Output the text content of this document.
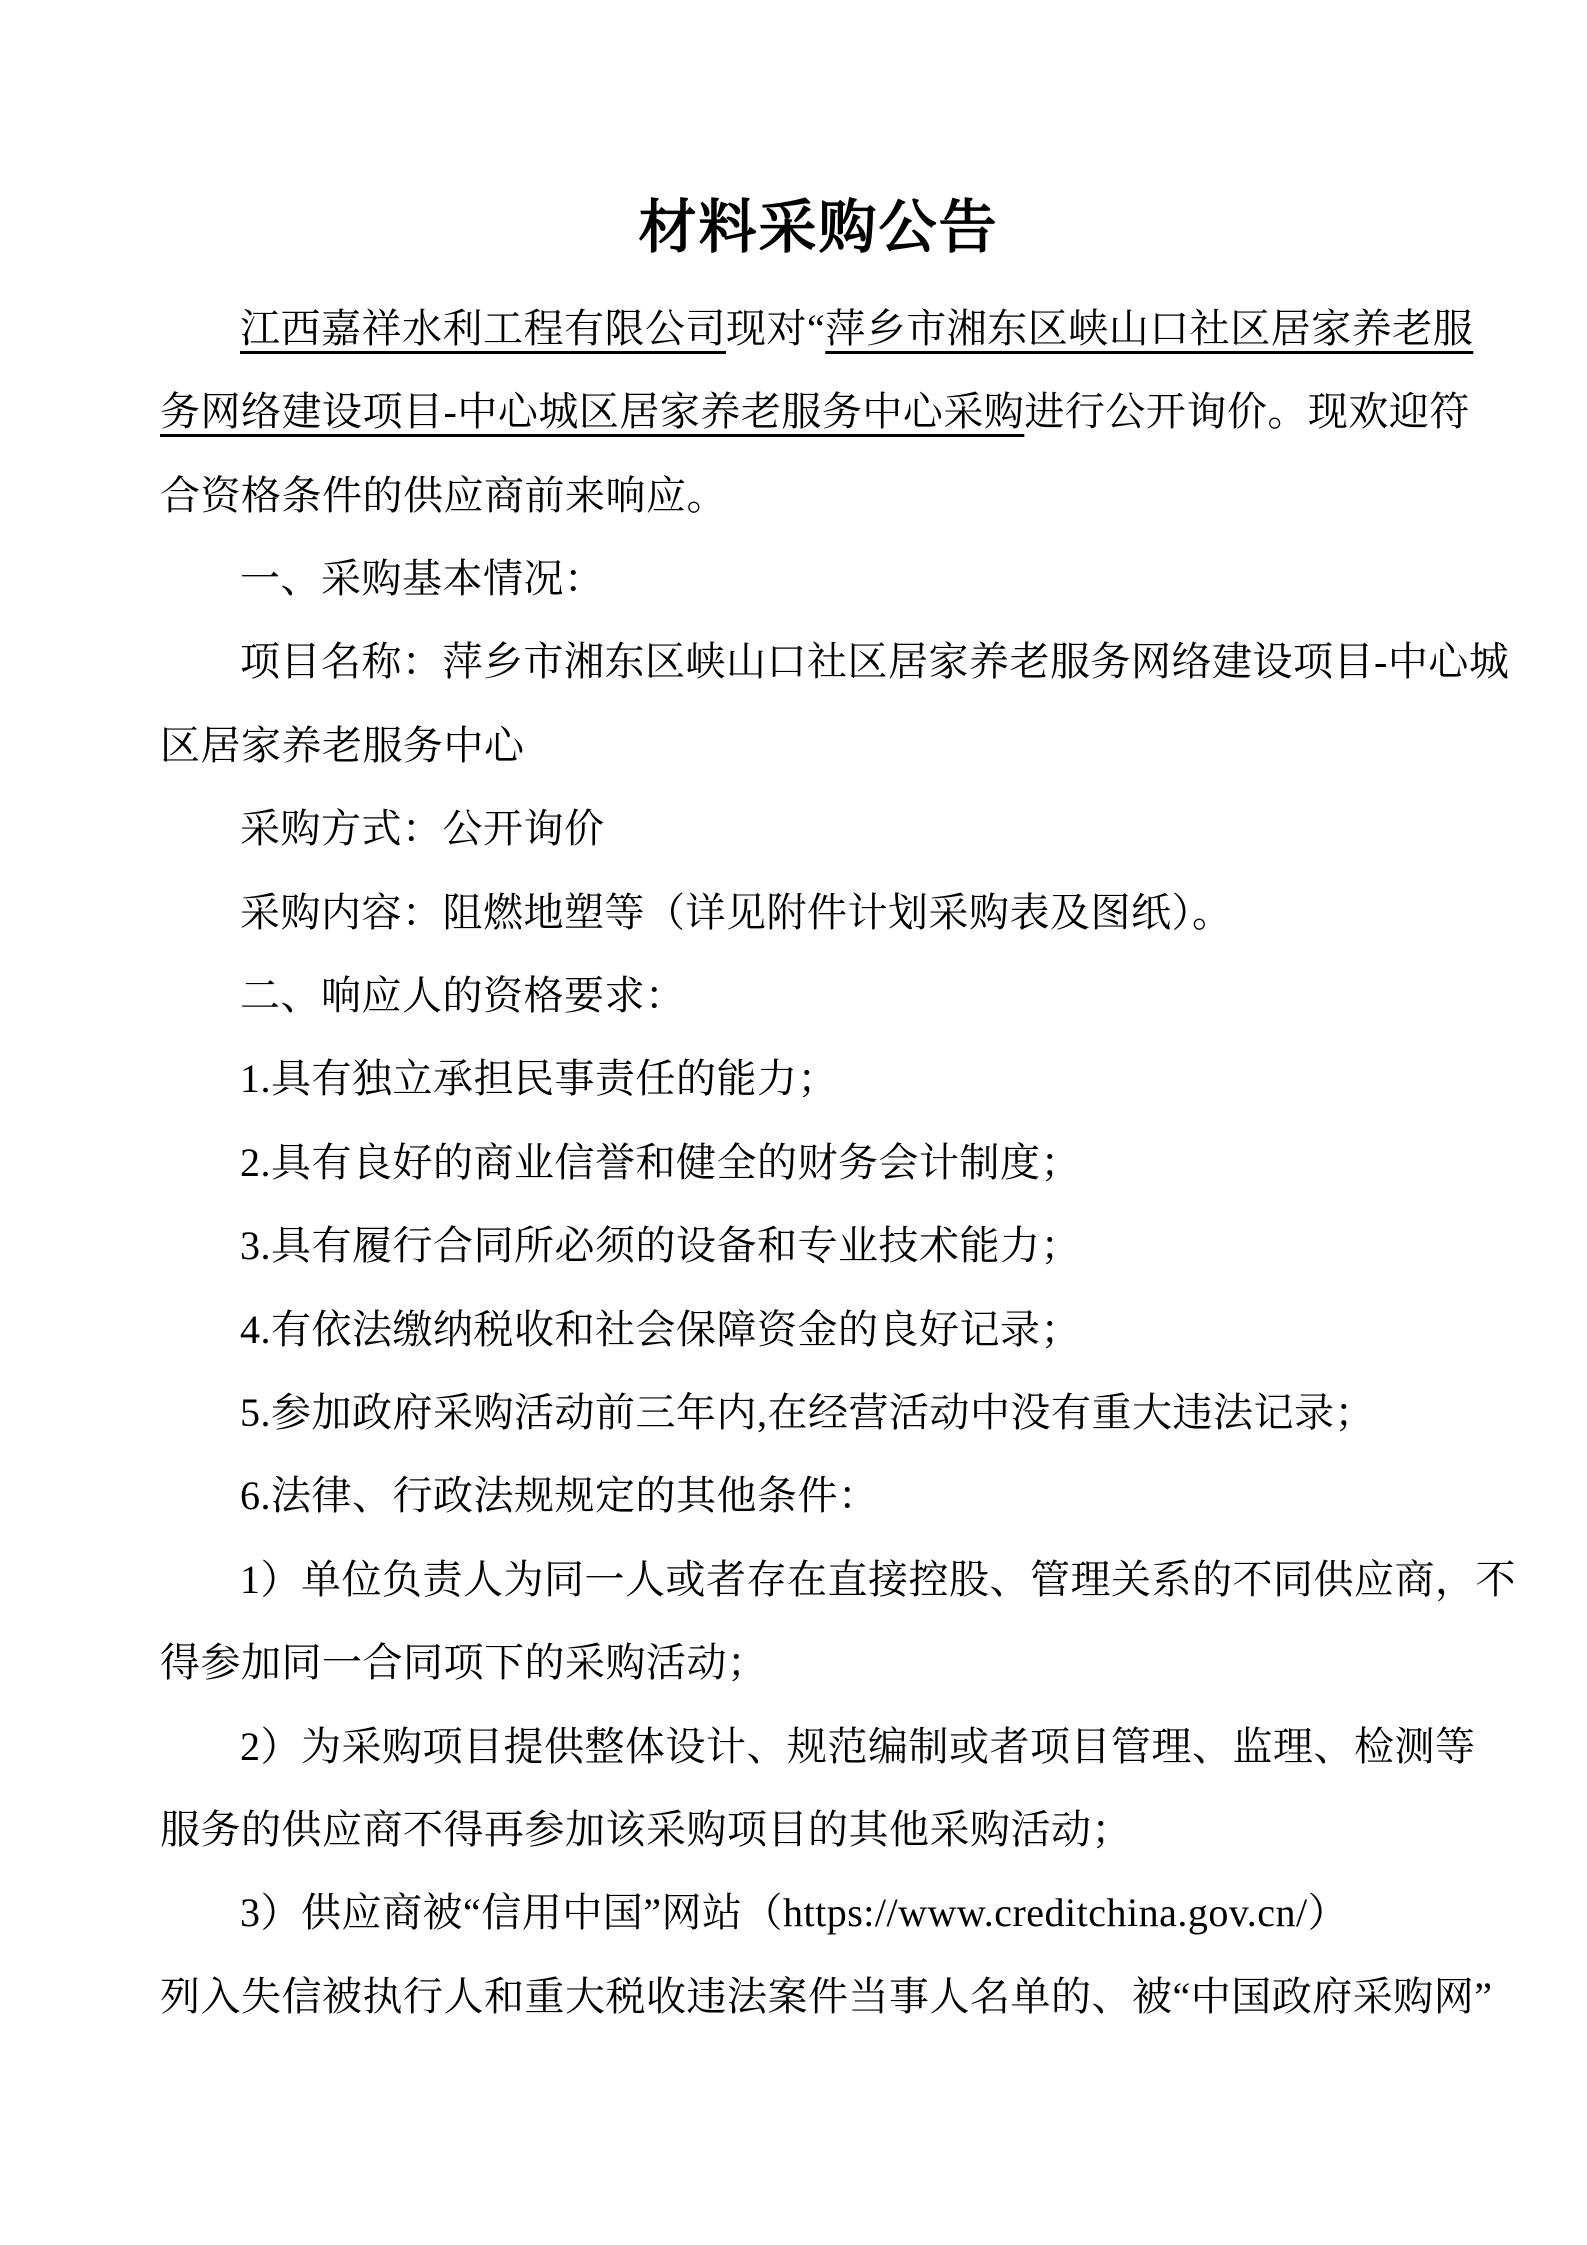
材料采购公告
江西嘉祥水利工程有限公司现对“萍乡市湘东区峡山口社区居家养老服
务网络建设项目-中心城区居家养老服务中心采购进行公开询价。现欢迎符
合资格条件的供应商前来响应。
一、采购基本情况：
项目名称：萍乡市湘东区峡山口社区居家养老服务网络建设项目-中心城
区居家养老服务中心
采购方式：公开询价
采购内容：阻燃地塑等（详见附件计划采购表及图纸）。
二、响应人的资格要求：
1.具有独立承担民事责任的能力；
2.具有良好的商业信誉和健全的财务会计制度；
3.具有履行合同所必须的设备和专业技术能力；
4.有依法缴纳税收和社会保障资金的良好记录；
5.参加政府采购活动前三年内,在经营活动中没有重大违法记录；
6.法律、行政法规规定的其他条件：
1）单位负责人为同一人或者存在直接控股、管理关系的不同供应商，不
得参加同一合同项下的采购活动；
2）为采购项目提供整体设计、规范编制或者项目管理、监理、检测等
服务的供应商不得再参加该采购项目的其他采购活动；
3）供应商被“信用中国”网站（https://www.creditchina.gov.cn/）
列入失信被执行人和重大税收违法案件当事人名单的、被“中国政府采购网”
